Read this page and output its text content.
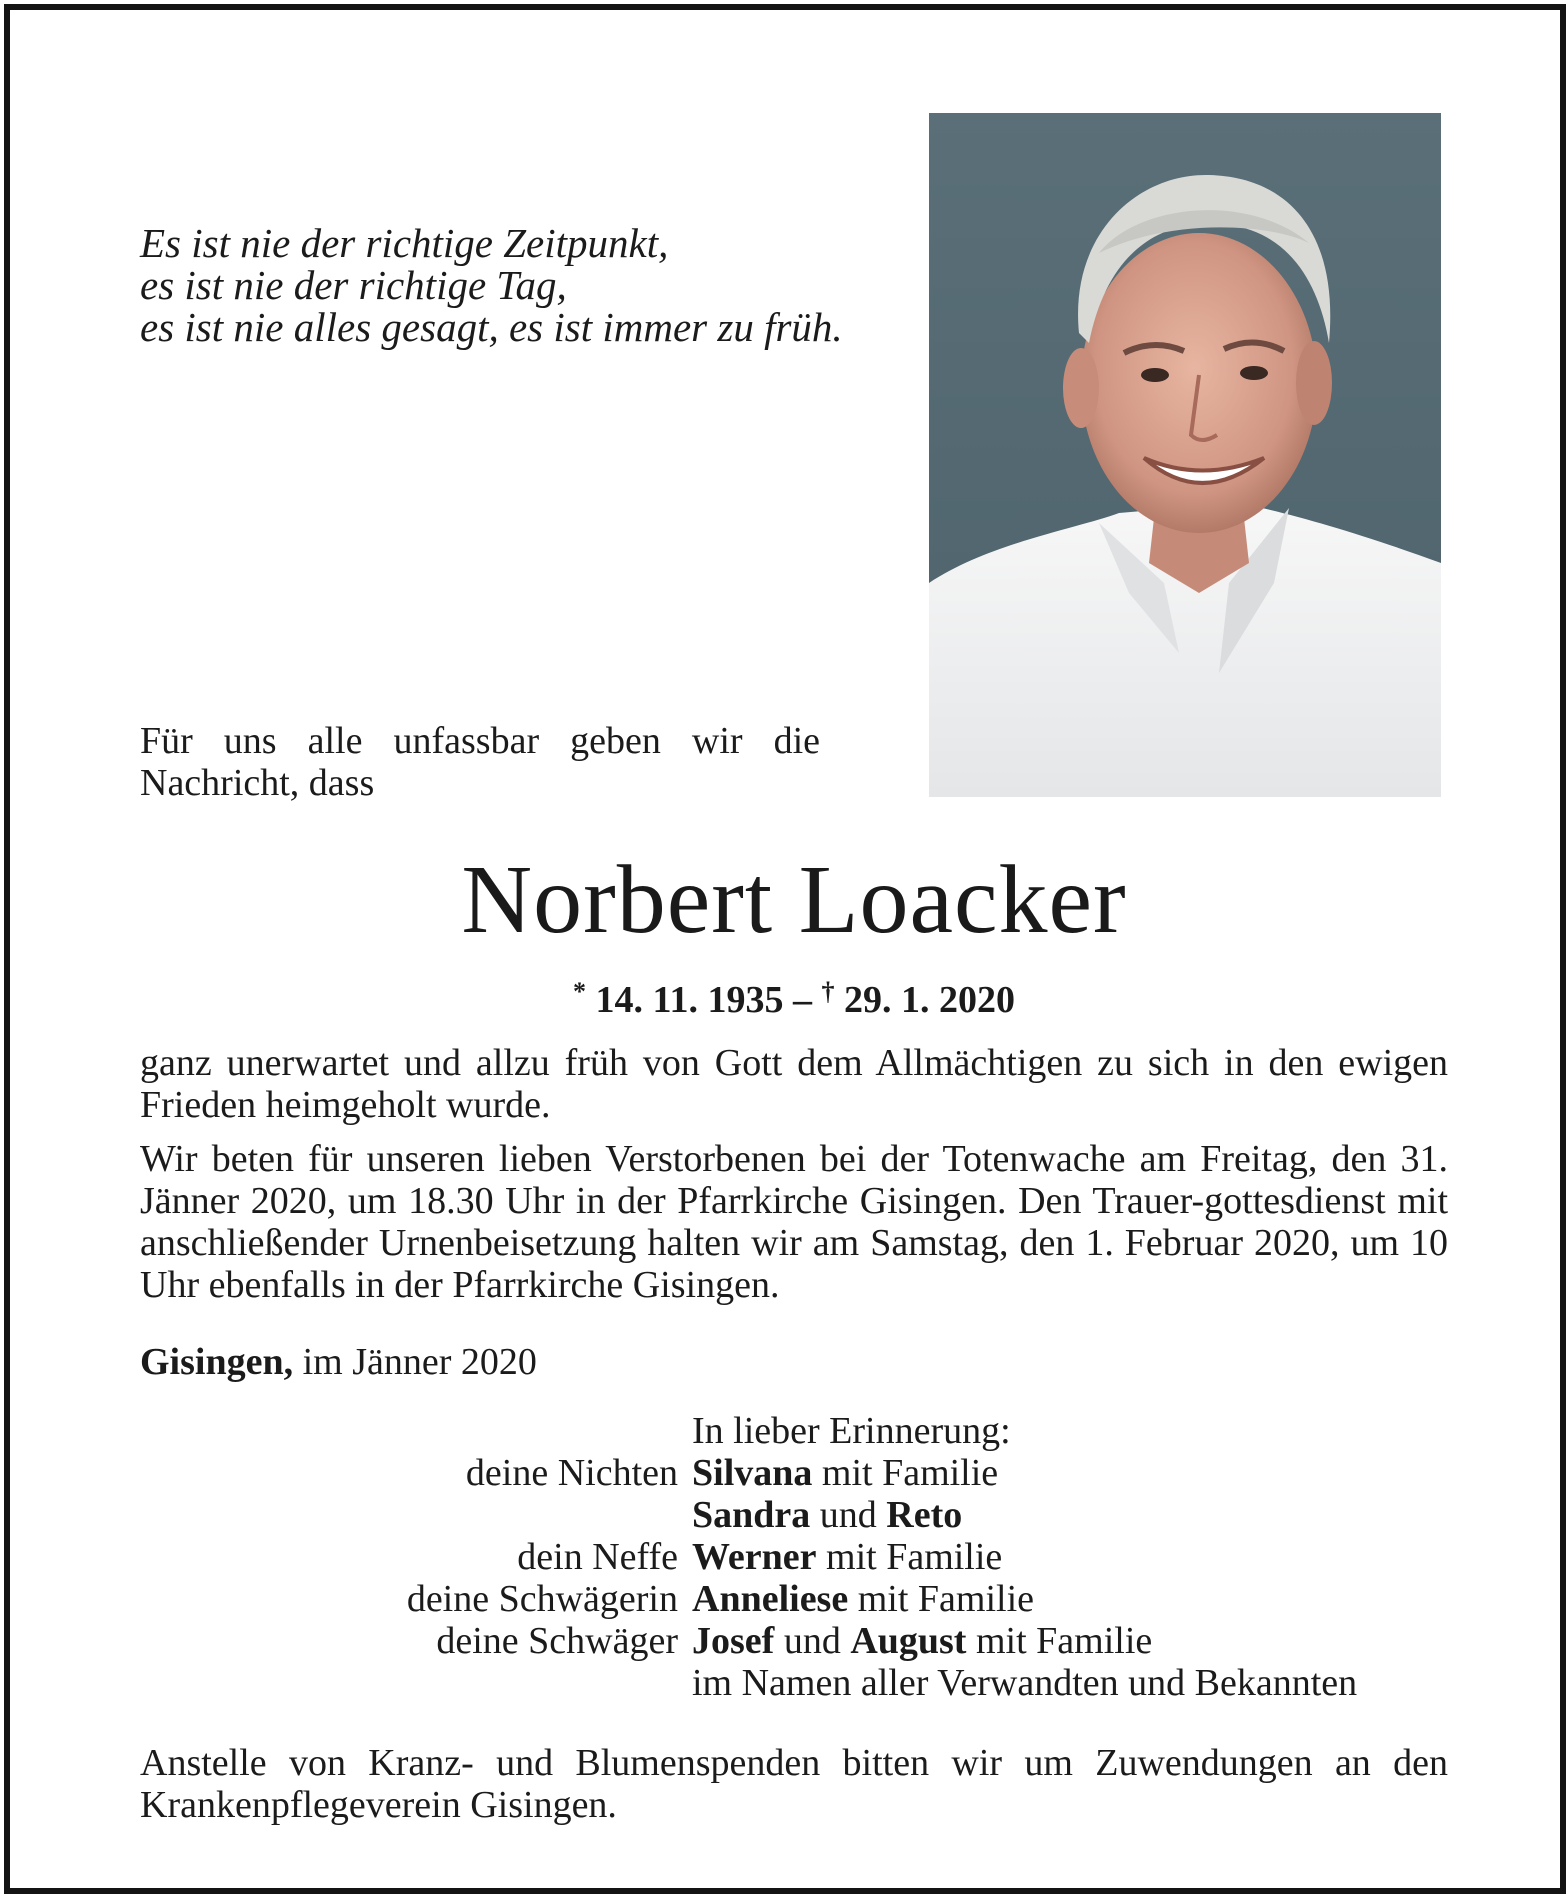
Es ist nie der richtige Zeitpunkt,
es ist nie der richtige Tag,
es ist nie alles gesagt, es ist immer zu früh.
Für uns alle unfassbar geben wir die Nachricht, dass
Norbert Loacker
* 14. 11. 1935 – † 29. 1. 2020
ganz unerwartet und allzu früh von Gott dem Allmächtigen zu sich in den ewigen Frieden heimgeholt wurde.
Wir beten für unseren lieben Verstorbenen bei der Totenwache am Freitag, den 31. Jänner 2020, um 18.30 Uhr in der Pfarrkirche Gisingen. Den Trauer-gottesdienst mit anschließender Urnenbeisetzung halten wir am Samstag, den 1. Februar 2020, um 10 Uhr ebenfalls in der Pfarrkirche Gisingen.
Gisingen, im Jänner 2020
In lieber Erinnerung:
deine Nichten Silvana mit Familie
Sandra und Reto
dein Neffe Werner mit Familie
deine Schwägerin Anneliese mit Familie
deine Schwäger Josef und August mit Familie
im Namen aller Verwandten und Bekannten
Anstelle von Kranz- und Blumenspenden bitten wir um Zuwendungen an den Krankenpflegeverein Gisingen.
